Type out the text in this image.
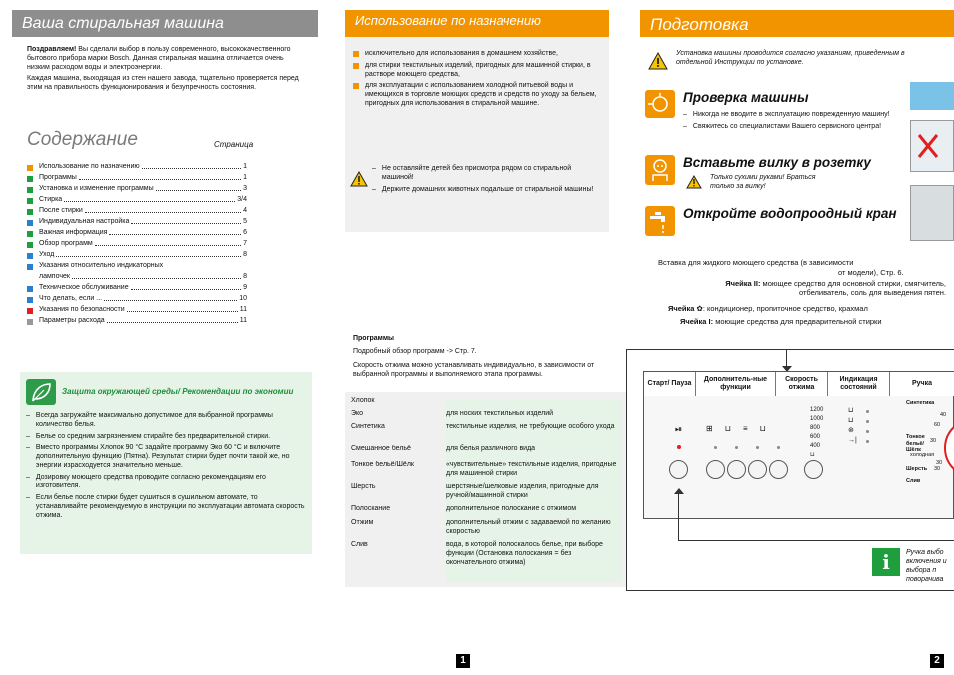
Ваша стиральная машина

Поздравляем! Вы сделали выбор в пользу современного, высококачественного бытового прибора марки Bosch. Данная стиральная машина отличается очень низким расходом воды и электроэнергии.

Каждая машина, выходящая из стен нашего завода, тщательно проверяется перед этим на правильность функционирования и безупречность состояния.

Содержание	Страница
Использование по назначению	1
Программы	1
Установка и изменение программы	3
Стирка	3/4
После стирки	4
Индивидуальная настройка	5
Важная информация	6
Обзор программ	7
Уход	8
Указания относительно индикаторных
лампочек	8
Техническое обслуживание	9
Что делать, если ...	10
Указания по безопасности	11
Параметры расхода	11
Защита окружающей среды/ Рекомендации по экономии
– Всегда загружайте максимально допустимое для выбранной программы количество белья.
– Белье со средним загрязнением стирайте без предварительной стирки.
– Вместо программы Хлопок 90 °C задайте программу Эко 60 °C и включите дополнительную функцию (Пятна). Результат стирки будет почти такой же, но энергии израсходуется значительно меньше.
– Дозировку моющего средства проводите согласно рекомендациям его изготовителя.
– Если белье после стирки будет сушиться в сушильном автомате, то устанавливайте рекомендуемую в инструкции по эксплуатации автомата скорость отжима.
1
Использование по назначению
исключительно для использования в домашнем хозяйстве,
для стирки текстильных изделий, пригодных для машинной стирки, в растворе моющего средства,
для эксплуатации с использованием холодной питьевой воды и имеющихся в торговле моющих средств и средств по уходу за бельем, пригодных для использования в стиральной машине.
– Не оставляйте детей без присмотра рядом со стиральной машиной!
– Держите домашних животных подальше от стиральной машины!
Программы
Подробный обзор программ -> Стр. 7.
Скорость отжима можно устанавливать индивидуально, в зависимости от выбранной программы и выполняемого этапа программы.
Хлопок
Эко	для носких текстильных изделий
Синтетика	текстильные изделия, не требующие особого ухода
Смешанное бельё	для белья различного вида
Тонкое бельё/Шёлк	«чувствительные» текстильные изделия, пригодные для машинной стирки
Шерсть	шерстяные/шелковые изделия, пригодные для ручной/машинной стирки
Полоскание	дополнительное полоскание с отжимом
Отжим	дополнительный отжим с задаваемой по желанию скоростью
Слив	вода, в которой полоскалось белье, при выборе функции (Остановка полоскания = без окончательного отжима)
Подготовка
Установка машины проводится согласно указаниям, приведенным в отдельной Инструкции по установке.
Проверка машины
– Никогда не вводите в эксплуатацию поврежденную машину!
– Свяжитесь со специалистами Вашего сервисного центра!
Вставьте вилку в розетку
Только сухими руками! Браться только за вилку!
Откройте водопроодный кран
Вставка для жидкого моющего средства (в зависимости
от модели), Стр. 6.
Ячейка II: моющее средство для основной стирки, смягчитель, отбеливатель, соль для выведения пятен.
Ячейка ✿: кондиционер, пропиточное средство, крахмал
Ячейка I: моющие средства для предварительной стирки
Старт/ Пауза
Дополнитель-ные функции
Скорость отжима
Индикация состояний
Ручка
⏯	⊞⊔≡⊔
1200
1000
800
600
400
⊔
⊔
⊔
⊛
→|
Синтетика
40
60
Тонкое бельё/Шёлк
30
холодная
30
Шерсть 30
Слив
i	Ручка выбо включения и выбора п поворачива
2
